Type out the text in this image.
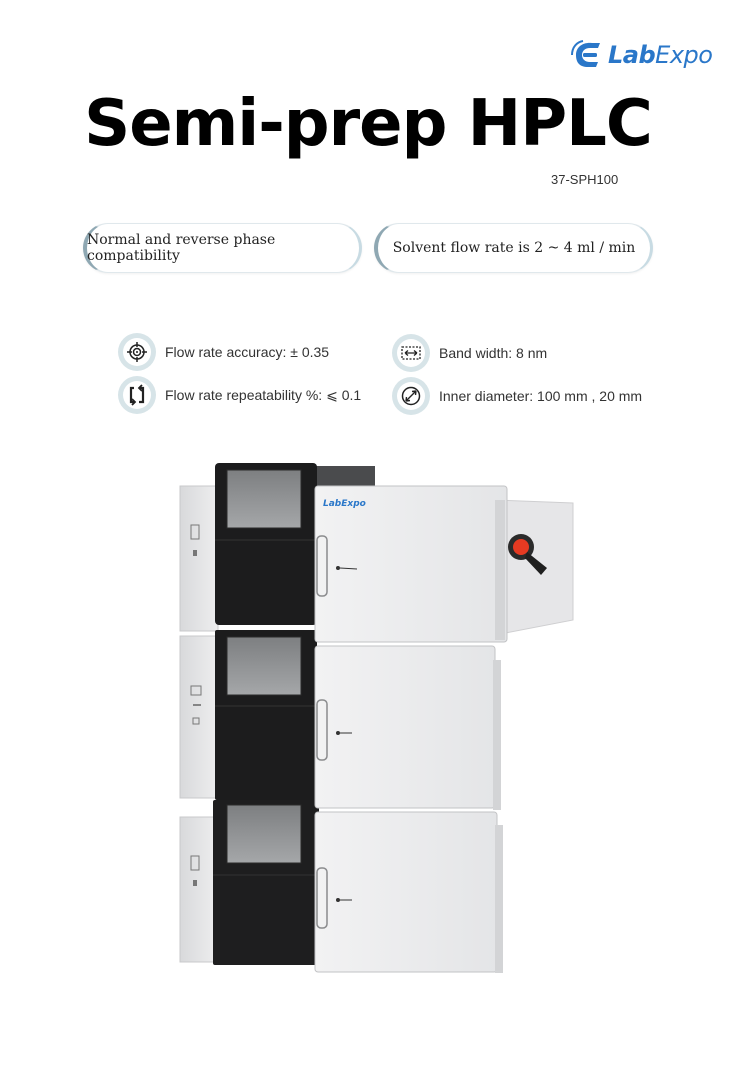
LabExpo
Semi-prep HPLC
37-SPH100
Normal and reverse phase compatibility	Solvent flow rate is 2 ~ 4 ml / min
Flow rate accuracy: ± 0.35
Flow rate repeatability %: ⩽ 0.1
Band width: 8 nm
Inner diameter: 100 mm , 20 mm
LabExpo
